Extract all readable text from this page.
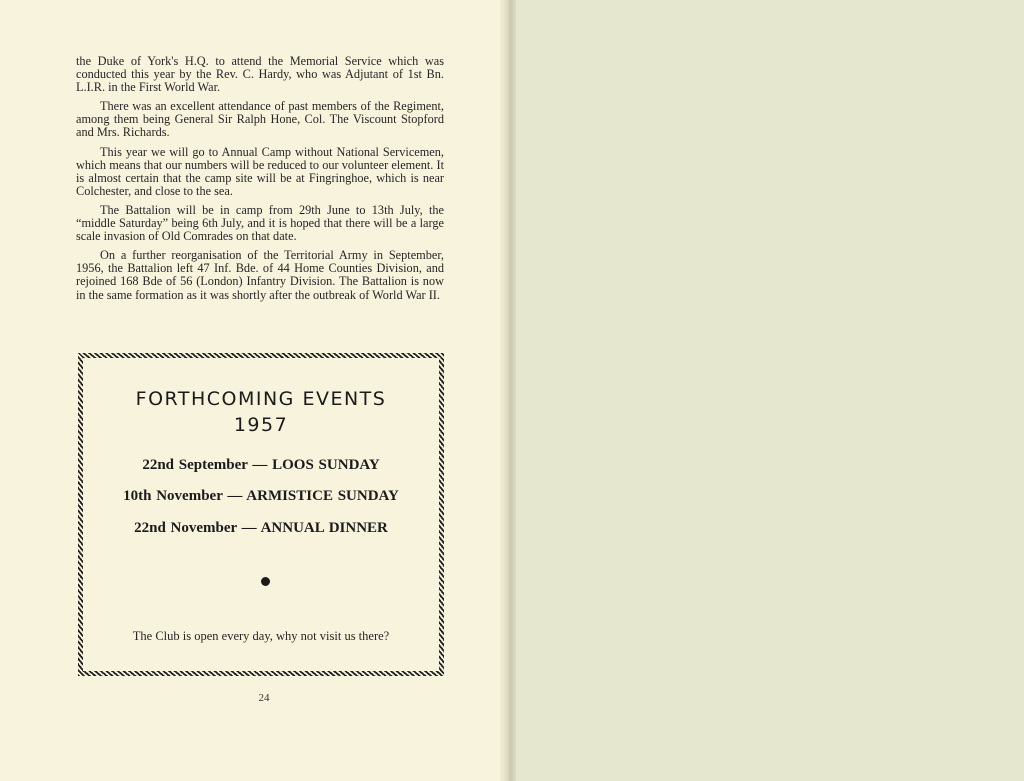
the Duke of York's H.Q. to attend the Memorial Service which was conducted this year by the Rev. C. Hardy, who was Adjutant of 1st Bn. L.I.R. in the First World War.

There was an excellent attendance of past members of the Regiment, among them being General Sir Ralph Hone, Col. The Viscount Stopford and Mrs. Richards.

This year we will go to Annual Camp without National Servicemen, which means that our numbers will be reduced to our volunteer element. It is almost certain that the camp site will be at Fingringhoe, which is near Colchester, and close to the sea.

The Battalion will be in camp from 29th June to 13th July, the “middle Saturday” being 6th July, and it is hoped that there will be a large scale invasion of Old Comrades on that date.

On a further reorganisation of the Territorial Army in September, 1956, the Battalion left 47 Inf. Bde. of 44 Home Counties Division, and rejoined 168 Bde of 56 (London) Infantry Division. The Battalion is now in the same formation as it was shortly after the outbreak of World War II.

FORTHCOMING EVENTS
1957
22nd September — LOOS SUNDAY
10th November — ARMISTICE SUNDAY
22nd November — ANNUAL DINNER
The Club is open every day, why not visit us there?
24
